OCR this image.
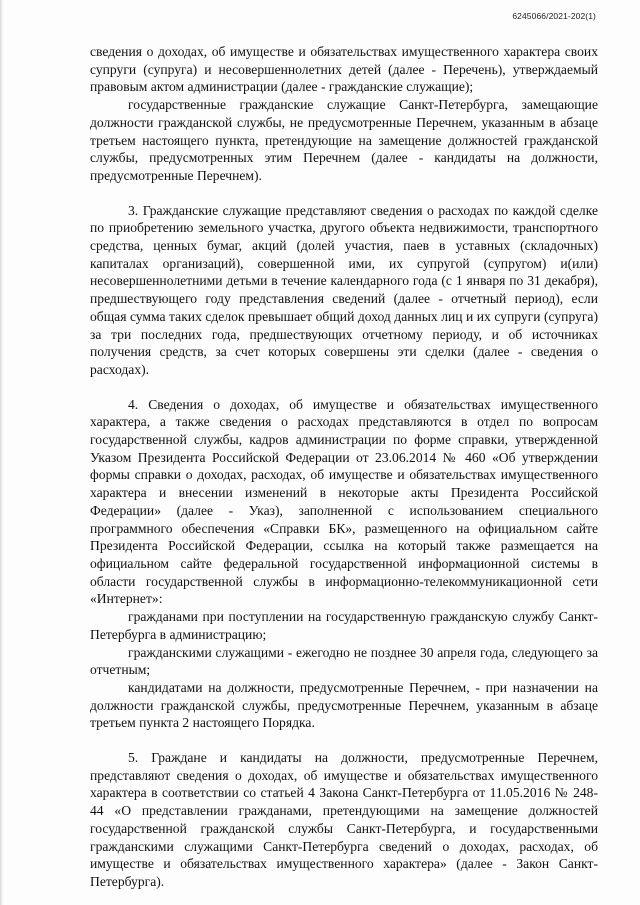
6245066/2021-202(1)

сведения о доходах, об имуществе и обязательствах имущественного характера своих супруги (супруга) и несовершеннолетних детей (далее - Перечень), утверждаемый правовым актом администрации (далее - гражданские служащие);

государственные гражданские служащие Санкт-Петербурга, замещающие должности гражданской службы, не предусмотренные Перечнем, указанным в абзаце третьем настоящего пункта, претендующие на замещение должностей гражданской службы, предусмотренных этим Перечнем (далее - кандидаты на должности, предусмотренные Перечнем).

3. Гражданские служащие представляют сведения о расходах по каждой сделке по приобретению земельного участка, другого объекта недвижимости, транспортного средства, ценных бумаг, акций (долей участия, паев в уставных (складочных) капиталах организаций), совершенной ими, их супругой (супругом) и(или) несовершеннолетними детьми в течение календарного года (с 1 января по 31 декабря), предшествующего году представления сведений (далее - отчетный период), если общая сумма таких сделок превышает общий доход данных лиц и их супруги (супруга) за три последних года, предшествующих отчетному периоду, и об источниках получения средств, за счет которых совершены эти сделки (далее - сведения о расходах).

4. Сведения о доходах, об имуществе и обязательствах имущественного характера, а также сведения о расходах представляются в отдел по вопросам государственной службы, кадров администрации по форме справки, утвержденной Указом Президента Российской Федерации от 23.06.2014 № 460 «Об утверждении формы справки о доходах, расходах, об имуществе и обязательствах имущественного характера и внесении изменений в некоторые акты Президента Российской Федерации» (далее - Указ), заполненной с использованием специального программного обеспечения «Справки БК», размещенного на официальном сайте Президента Российской Федерации, ссылка на который также размещается на официальном сайте федеральной государственной информационной системы в области государственной службы в информационно-телекоммуникационной сети «Интернет»:

гражданами при поступлении на государственную гражданскую службу Санкт-Петербурга в администрацию;

гражданскими служащими - ежегодно не позднее 30 апреля года, следующего за отчетным;

кандидатами на должности, предусмотренные Перечнем, - при назначении на должности гражданской службы, предусмотренные Перечнем, указанным в абзаце третьем пункта 2 настоящего Порядка.

5. Граждане и кандидаты на должности, предусмотренные Перечнем, представляют сведения о доходах, об имуществе и обязательствах имущественного характера в соответствии со статьей 4 Закона Санкт-Петербурга от 11.05.2016 № 248-44 «О представлении гражданами, претендующими на замещение должностей государственной гражданской службы Санкт-Петербурга, и государственными гражданскими служащими Санкт-Петербурга сведений о доходах, расходах, об имуществе и обязательствах имущественного характера» (далее - Закон Санкт-Петербурга).
